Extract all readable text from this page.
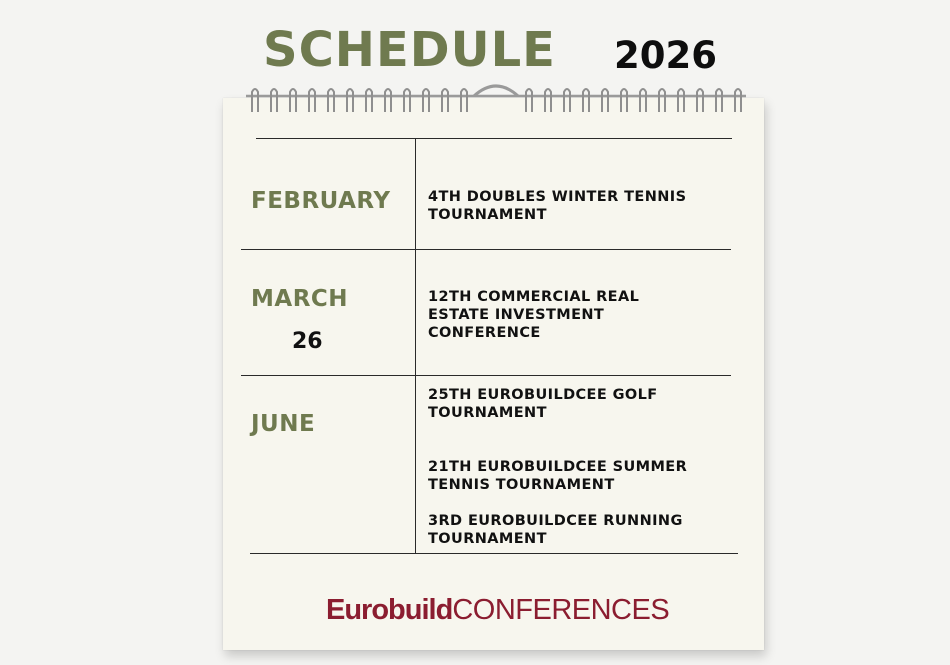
SCHEDULE 2026
FEBRUARY	4TH DOUBLES WINTER TENNIS
TOURNAMENT
MARCH
26
12TH COMMERCIAL REAL
ESTATE INVESTMENT
CONFERENCE
JUNE
25TH EUROBUILDCEE GOLF
TOURNAMENT
21TH EUROBUILDCEE SUMMER
TENNIS TOURNAMENT
3RD EUROBUILDCEE RUNNING
TOURNAMENT
EurobuildCONFERENCES
